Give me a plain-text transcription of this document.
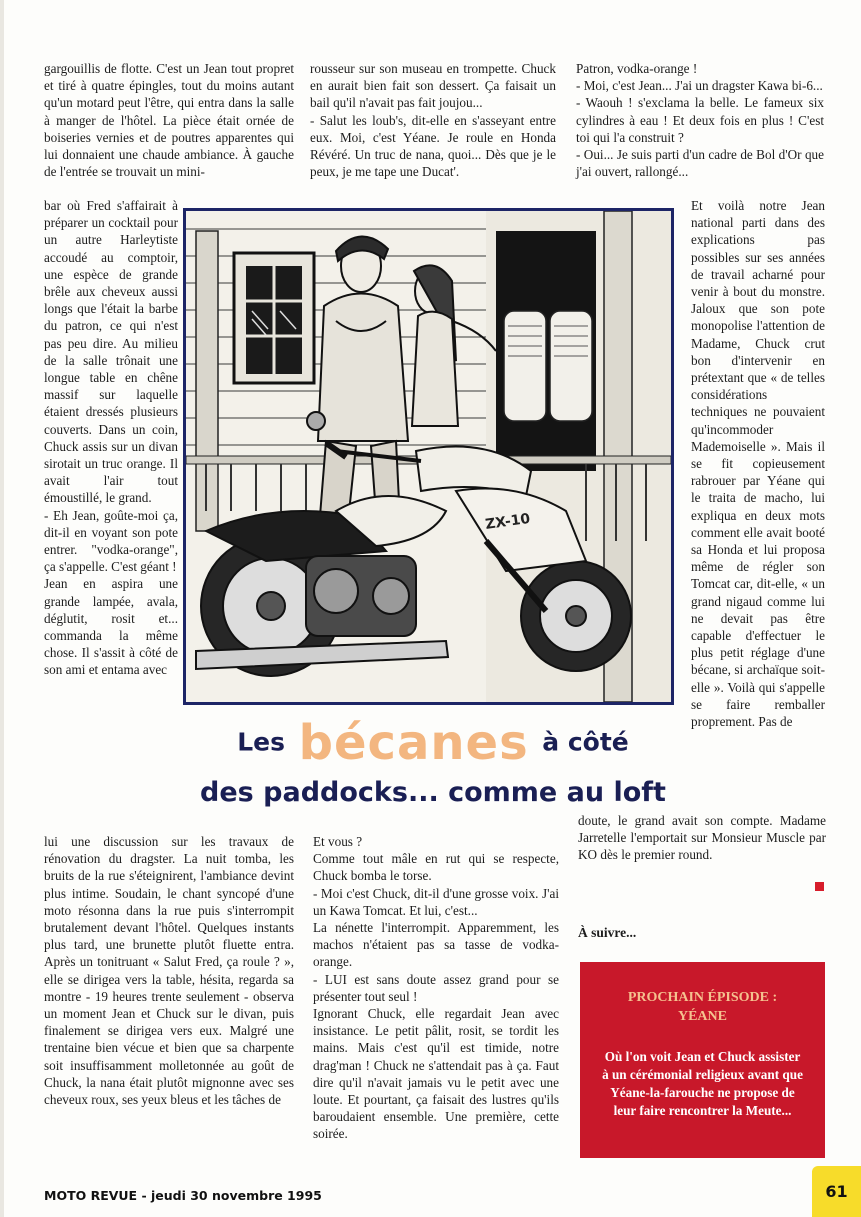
gargouillis de flotte. C'est un Jean tout propret et tiré à quatre épingles, tout du moins autant qu'un motard peut l'être, qui entra dans la salle à manger de l'hôtel. La pièce était ornée de boiseries vernies et de poutres apparentes qui lui donnaient une chaude ambiance. À gauche de l'entrée se trouvait un mini-

rousseur sur son museau en trompette. Chuck en aurait bien fait son dessert. Ça faisait un bail qu'il n'avait pas fait joujou...

- Salut les loub's, dit-elle en s'asseyant entre eux. Moi, c'est Yéane. Je roule en Honda Révéré. Un truc de nana, quoi... Dès que je le peux, je me tape une Ducat'.

Patron, vodka-orange !

- Moi, c'est Jean... J'ai un dragster Kawa bi-6...

- Waouh ! s'exclama la belle. Le fameux six cylindres à eau ! Et deux fois en plus ! C'est toi qui l'a construit ?

- Oui... Je suis parti d'un cadre de Bol d'Or que j'ai ouvert, rallongé...

bar où Fred s'affairait à préparer un cocktail pour un autre Harleytiste accoudé au comptoir, une espèce de grande brêle aux cheveux aussi longs que l'était la barbe du patron, ce qui n'est pas peu dire. Au milieu de la salle trônait une longue table en chêne massif sur laquelle étaient dressés plusieurs couverts. Dans un coin, Chuck assis sur un divan sirotait un truc orange. Il avait l'air tout émoustillé, le grand.

- Eh Jean, goûte-moi ça, dit-il en voyant son pote entrer. "vodka-orange", ça s'appelle. C'est géant !

Jean en aspira une grande lampée, avala, déglutit, rosit et... commanda la même chose. Il s'assit à côté de son ami et entama avec

Et voilà notre Jean national parti dans des explications pas possibles sur ses années de travail acharné pour venir à bout du monstre. Jaloux que son pote monopolise l'attention de Madame, Chuck crut bon d'intervenir en prétextant que « de telles considérations techniques ne pouvaient qu'incommoder Mademoiselle ». Mais il se fit copieusement rabrouer par Yéane qui le traita de macho, lui expliqua en deux mots comment elle avait booté sa Honda et lui proposa même de régler son Tomcat car, dit-elle, « un grand nigaud comme lui ne devait pas être capable d'effectuer le plus petit réglage d'une bécane, si archaïque soit-elle ». Voilà qui s'appelle se faire remballer proprement. Pas de

ZX-10
Les bécanes à côté
des paddocks... comme au loft

lui une discussion sur les travaux de rénovation du dragster. La nuit tomba, les bruits de la rue s'éteignirent, l'ambiance devint plus intime. Soudain, le chant syncopé d'une moto résonna dans la rue puis s'interrompit brutalement devant l'hôtel. Quelques instants plus tard, une brunette plutôt fluette entra. Après un tonitruant « Salut Fred, ça roule ? », elle se dirigea vers la table, hésita, regarda sa montre - 19 heures trente seulement - observa un moment Jean et Chuck sur le divan, puis finalement se dirigea vers eux. Malgré une trentaine bien vécue et bien que sa charpente soit insuffisamment molletonnée au goût de Chuck, la nana était plutôt mignonne avec ses cheveux roux, ses yeux bleus et les tâches de

Et vous ?

Comme tout mâle en rut qui se respecte, Chuck bomba le torse.

- Moi c'est Chuck, dit-il d'une grosse voix. J'ai un Kawa Tomcat. Et lui, c'est...

La nénette l'interrompit. Apparemment, les machos n'étaient pas sa tasse de vodka-orange.

- LUI est sans doute assez grand pour se présenter tout seul !

Ignorant Chuck, elle regardait Jean avec insistance. Le petit pâlit, rosit, se tordit les mains. Mais c'est qu'il est timide, notre drag'man ! Chuck ne s'attendait pas à ça. Faut dire qu'il n'avait jamais vu le petit avec une loute. Et pourtant, ça faisait des lustres qu'ils baroudaient ensemble. Une première, cette soirée.

doute, le grand avait son compte. Madame Jarretelle l'emportait sur Monsieur Muscle par KO dès le premier round.

À suivre...
PROCHAIN ÉPISODE : YÉANE
Où l'on voit Jean et Chuck assister à un cérémonial religieux avant que Yéane-la-farouche ne propose de leur faire rencontrer la Meute...
MOTO REVUE - jeudi 30 novembre 1995	61
